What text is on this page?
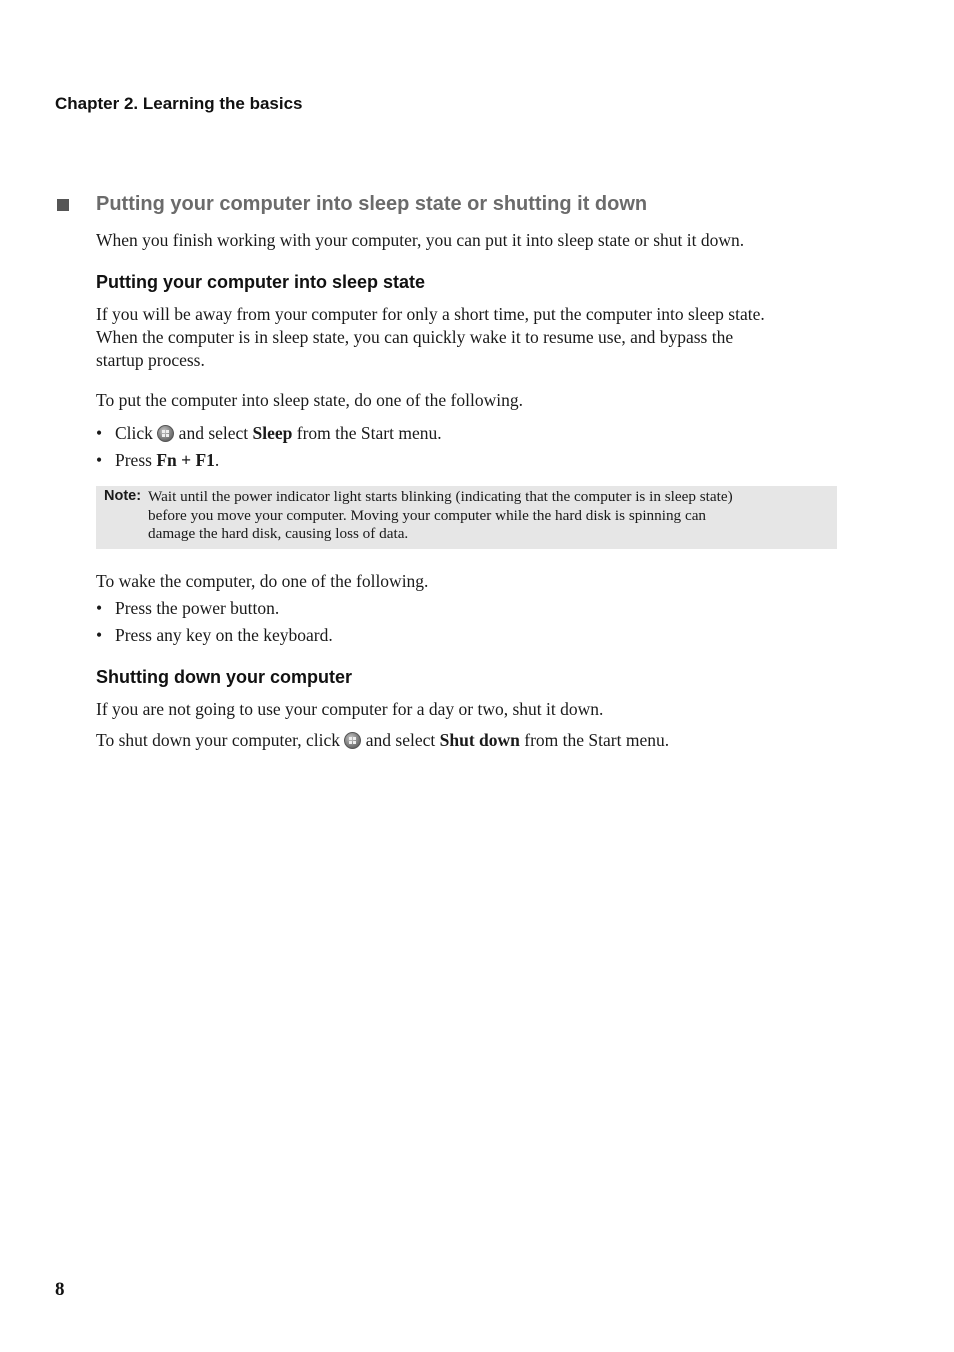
Chapter 2. Learning the basics
Putting your computer into sleep state or shutting it down
When you finish working with your computer, you can put it into sleep state or shut it down.
Putting your computer into sleep state
If you will be away from your computer for only a short time, put the computer into sleep state.
When the computer is in sleep state, you can quickly wake it to resume use, and bypass the
startup process.
To put the computer into sleep state, do one of the following.
• Click and select Sleep from the Start menu.
• Press Fn + F1.
Note: Wait until the power indicator light starts blinking (indicating that the computer is in sleep state)
before you move your computer. Moving your computer while the hard disk is spinning can
damage the hard disk, causing loss of data.
To wake the computer, do one of the following.
• Press the power button.
• Press any key on the keyboard.
Shutting down your computer
If you are not going to use your computer for a day or two, shut it down.
To shut down your computer, click and select Shut down from the Start menu.
8
